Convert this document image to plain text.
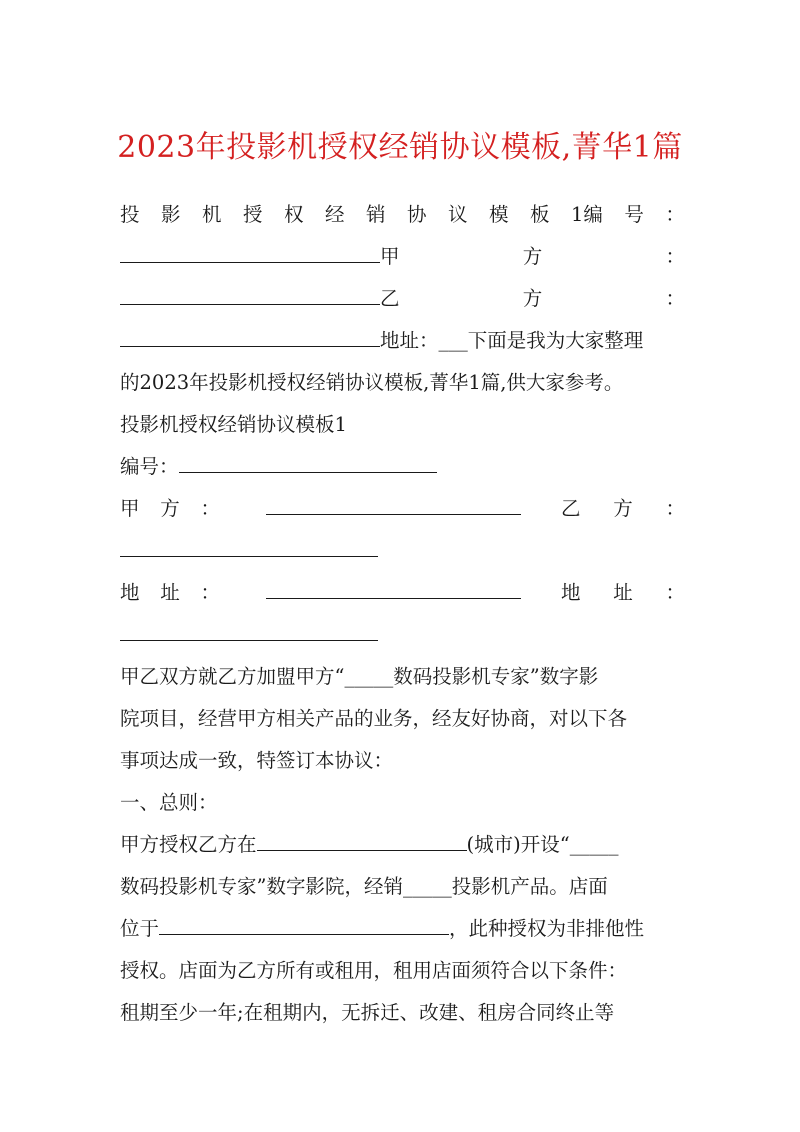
2023年投影机授权经销协议模板,菁华1篇
投 影 机 授 权 经 销 协 议 模 板 1编 号 ：
甲	方	：
乙	方	：
地址：___下面是我为大家整理
的2023年投影机授权经销协议模板,菁华1篇,供大家参考。
投影机授权经销协议模板1
编号：
甲 方 ：	乙 方 ：
地 址 ：	地 址 ：
甲乙双方就乙方加盟甲方“_____数码投影机专家”数字影
院项目，经营甲方相关产品的业务，经友好协商，对以下各
事项达成一致，特签订本协议：
一、总则：
甲方授权乙方在	(城市)开设“_____
数码投影机专家”数字影院，经销_____投影机产品。店面
位于	，此种授权为非排他性
授权。店面为乙方所有或租用，租用店面须符合以下条件：
租期至少一年;在租期内，无拆迁、改建、租房合同终止等
